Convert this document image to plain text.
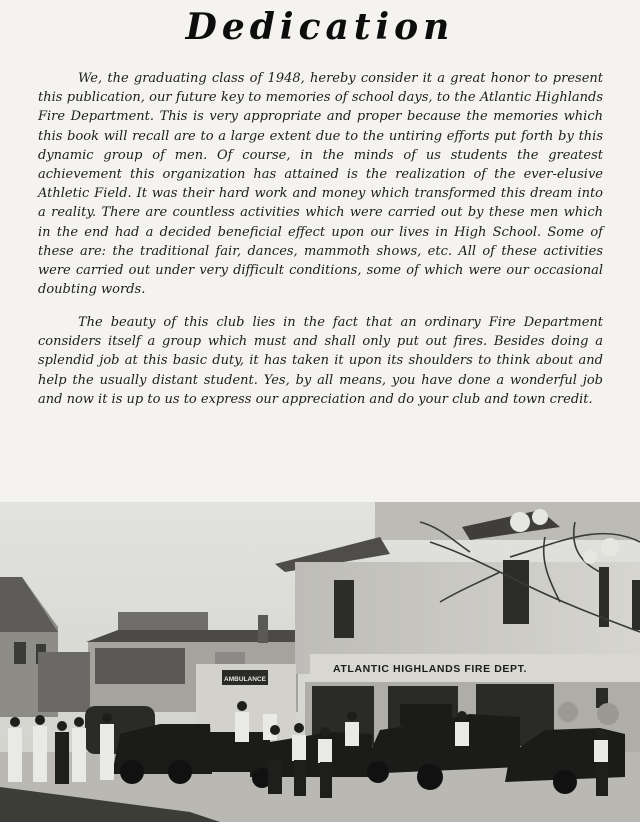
Dedication

We, the graduating class of 1948, hereby consider it a great honor to present this publication, our future key to memories of school days, to the Atlantic Highlands Fire Department. This is very appropriate and proper because the memories which this book will recall are to a large extent due to the untiring efforts put forth by this dynamic group of men. Of course, in the minds of us students the greatest achievement this organization has attained is the realization of the ever-elusive Athletic Field. It was their hard work and money which transformed this dream into a reality. There are countless activities which were carried out by these men which in the end had a decided beneficial effect upon our lives in High School. Some of these are: the traditional fair, dances, mammoth shows, etc. All of these activities were carried out under very difficult conditions, some of which were our occasional doubting words.

The beauty of this club lies in the fact that an ordinary Fire Department considers itself a group which must and shall only put out fires. Besides doing a splendid job at this basic duty, it has taken it upon its shoulders to think about and help the usually distant student. Yes, by all means, you have done a wonderful job and now it is up to us to express our appreciation and do your club and town credit.

ATLANTIC HIGHLANDS FIRE DEPT.
AMBULANCE
